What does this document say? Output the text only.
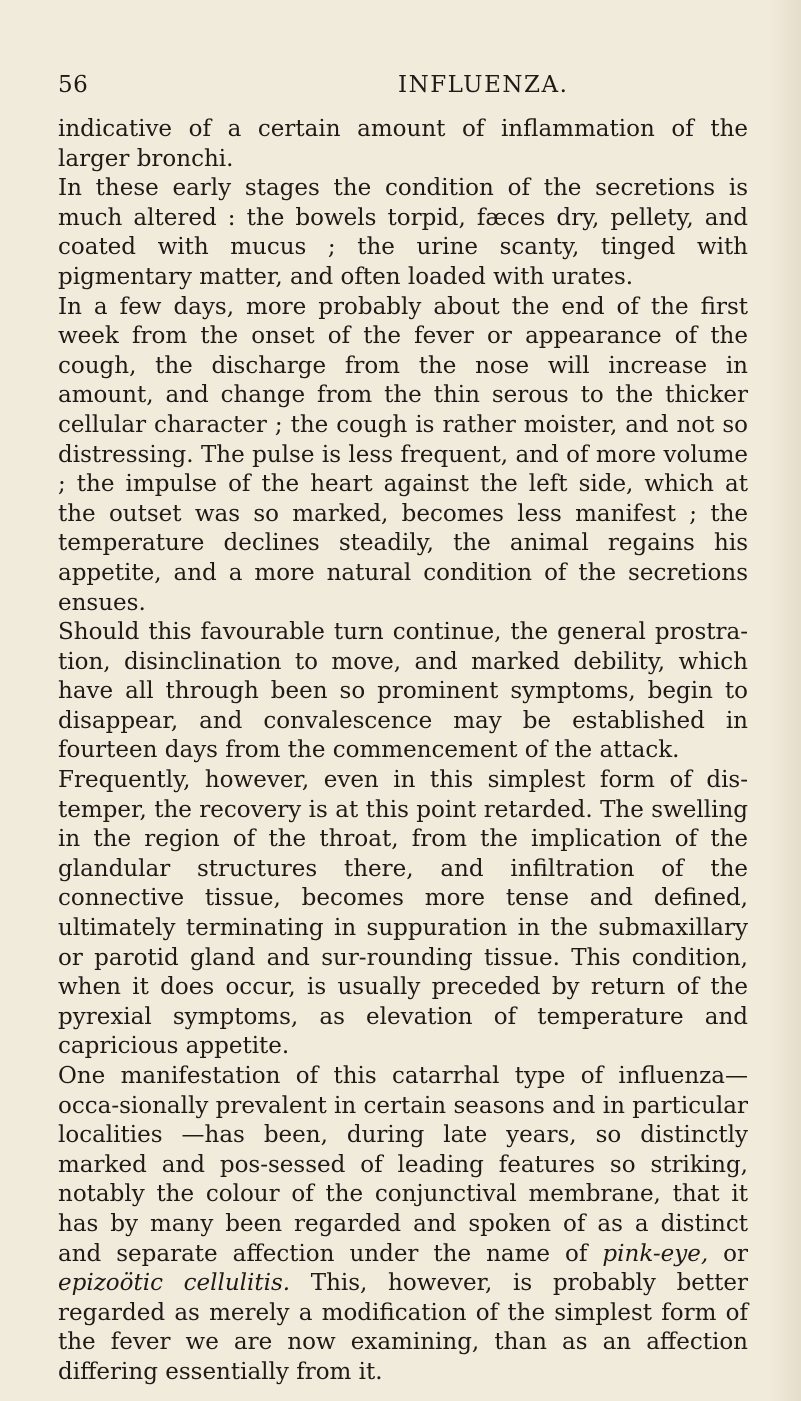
56	INFLUENZA.

indicative of a certain amount of inflammation of the larger bronchi.

In these early stages the condition of the secretions is much altered : the bowels torpid, fæces dry, pellety, and coated with mucus ; the urine scanty, tinged with pigmentary matter, and often loaded with urates.

In a few days, more probably about the end of the first week from the onset of the fever or appearance of the cough, the discharge from the nose will increase in amount, and change from the thin serous to the thicker cellular character ; the cough is rather moister, and not so distressing. The pulse is less frequent, and of more volume ; the impulse of the heart against the left side, which at the outset was so marked, becomes less manifest ; the temperature declines steadily, the animal regains his appetite, and a more natural condition of the secretions ensues.

Should this favourable turn continue, the general prostra-tion, disinclination to move, and marked debility, which have all through been so prominent symptoms, begin to disappear, and convalescence may be established in fourteen days from the commencement of the attack.

Frequently, however, even in this simplest form of dis-temper, the recovery is at this point retarded. The swelling in the region of the throat, from the implication of the glandular structures there, and infiltration of the connective tissue, becomes more tense and defined, ultimately terminating in suppuration in the submaxillary or parotid gland and sur-rounding tissue. This condition, when it does occur, is usually preceded by return of the pyrexial symptoms, as elevation of temperature and capricious appetite.

One manifestation of this catarrhal type of influenza—occa-sionally prevalent in certain seasons and in particular localities —has been, during late years, so distinctly marked and pos-sessed of leading features so striking, notably the colour of the conjunctival membrane, that it has by many been regarded and spoken of as a distinct and separate affection under the name of pink-eye, or epizoötic cellulitis. This, however, is probably better regarded as merely a modification of the simplest form of the fever we are now examining, than as an affection differing essentially from it.
